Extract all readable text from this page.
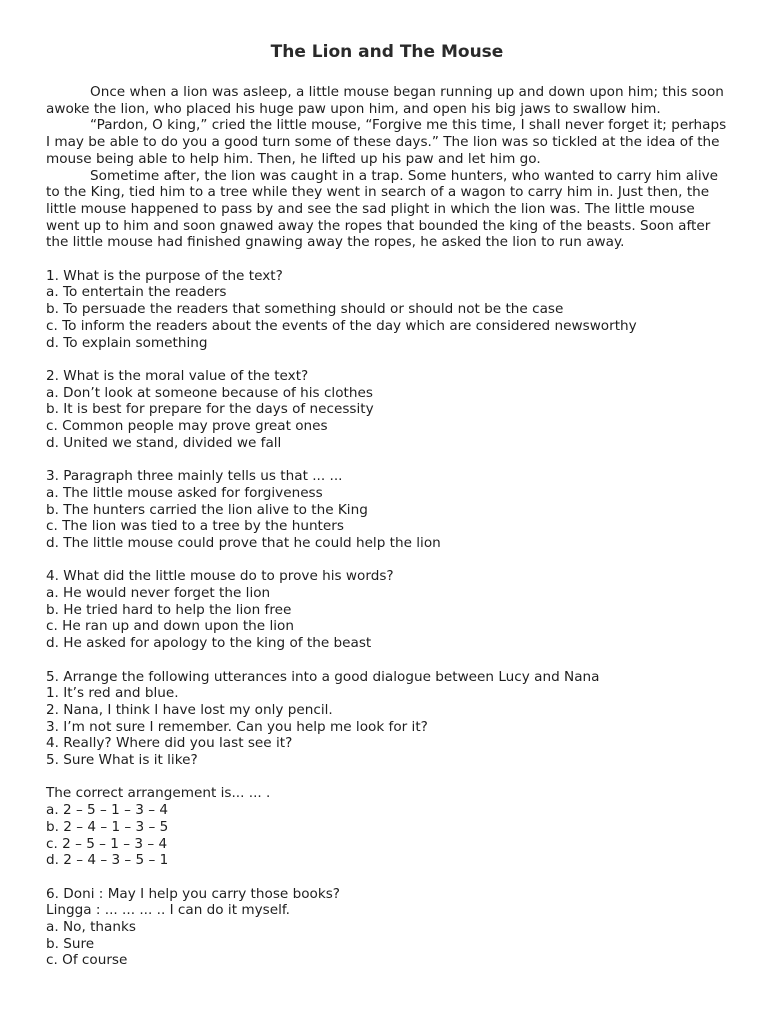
The Lion and The Mouse

Once when a lion was asleep, a little mouse began running up and down upon him; this soon awoke the lion, who placed his huge paw upon him, and open his big jaws to swallow him.

“Pardon, O king,” cried the little mouse, “Forgive me this time, I shall never forget it; perhaps I may be able to do you a good turn some of these days.” The lion was so tickled at the idea of the mouse being able to help him. Then, he lifted up his paw and let him go.

Sometime after, the lion was caught in a trap. Some hunters, who wanted to carry him alive to the King, tied him to a tree while they went in search of a wagon to carry him in. Just then, the little mouse happened to pass by and see the sad plight in which the lion was. The little mouse went up to him and soon gnawed away the ropes that bounded the king of the beasts. Soon after the little mouse had finished gnawing away the ropes, he asked the lion to run away.

1. What is the purpose of the text?
a. To entertain the readers
b. To persuade the readers that something should or should not be the case
c. To inform the readers about the events of the day which are considered newsworthy
d. To explain something
2. What is the moral value of the text?
a. Don’t look at someone because of his clothes
b. It is best for prepare for the days of necessity
c. Common people may prove great ones
d. United we stand, divided we fall
3. Paragraph three mainly tells us that ... ...
a. The little mouse asked for forgiveness
b. The hunters carried the lion alive to the King
c. The lion was tied to a tree by the hunters
d. The little mouse could prove that he could help the lion
4. What did the little mouse do to prove his words?
a. He would never forget the lion
b. He tried hard to help the lion free
c. He ran up and down upon the lion
d. He asked for apology to the king of the beast
5. Arrange the following utterances into a good dialogue between Lucy and Nana
1. It’s red and blue.
2. Nana, I think I have lost my only pencil.
3. I’m not sure I remember. Can you help me look for it?
4. Really? Where did you last see it?
5. Sure What is it like?
The correct arrangement is... ... .
a. 2 – 5 – 1 – 3 – 4
b. 2 – 4 – 1 – 3 – 5
c. 2 – 5 – 1 – 3 – 4
d. 2 – 4 – 3 – 5 – 1
6. Doni : May I help you carry those books?
Lingga : ... ... ... .. I can do it myself.
a. No, thanks
b. Sure
c. Of course
